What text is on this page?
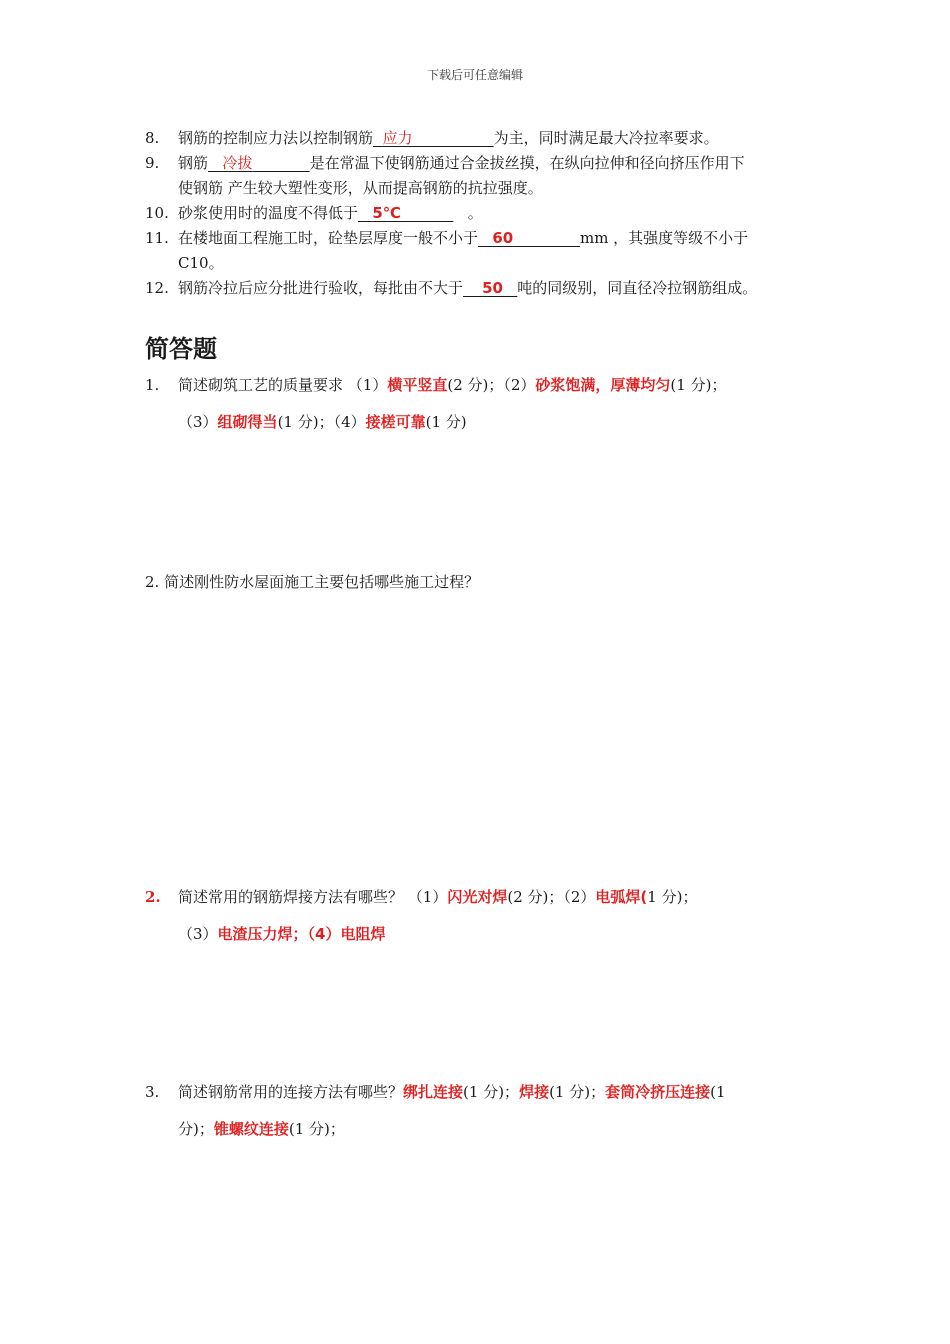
下载后可任意编辑
8. 钢筋的控制应力法以控制钢筋 应力	为主，同时满足最大冷拉率要求。
9. 钢筋 冷拔	是在常温下使钢筋通过合金拔丝摸，在纵向拉伸和径向挤压作用下
使钢筋 产生较大塑性变形，从而提高钢筋的抗拉强度。
10. 砂浆使用时的温度不得低于 5℃	。
11. 在楼地面工程施工时，砼垫层厚度一般不小于 60	mm ，其强度等级不小于
C10。
12. 钢筋冷拉后应分批进行验收，每批由不大于 50 吨的同级别，同直径冷拉钢筋组成。
简答题
1. 简述砌筑工艺的质量要求 （1）横平竖直(2 分)；（2）砂浆饱满，厚薄均匀(1 分)；
（3）组砌得当(1 分)；（4）接槎可靠(1 分)
2. 简述刚性防水屋面施工主要包括哪些施工过程？
2. 简述常用的钢筋焊接方法有哪些？ （1）闪光对焊(2 分)；（2）电弧焊(1 分)；
（3）电渣压力焊；（4）电阻焊
3. 简述钢筋常用的连接方法有哪些？绑扎连接(1 分)；焊接(1 分)；套筒冷挤压连接(1
分)；锥螺纹连接(1 分)；
